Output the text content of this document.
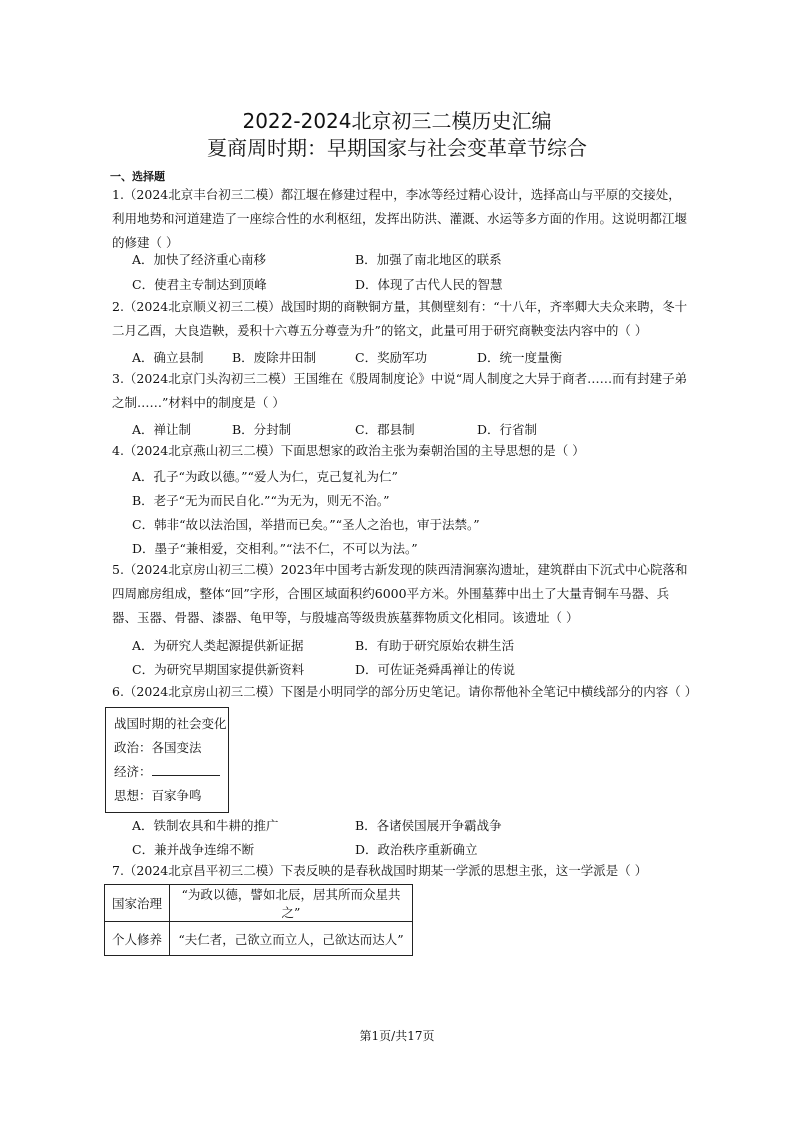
2022-2024北京初三二模历史汇编
夏商周时期：早期国家与社会变革章节综合
一、选择题
1.（2024北京丰台初三二模）都江堰在修建过程中，李冰等经过精心设计，选择高山与平原的交接处，利用地势和河道建造了一座综合性的水利枢纽，发挥出防洪、灌溉、水运等多方面的作用。这说明都江堰的修建（ ）
A．加快了经济重心南移	B．加强了南北地区的联系
C．使君主专制达到顶峰	D．体现了古代人民的智慧
2.（2024北京顺义初三二模）战国时期的商鞅铜方量，其侧壁刻有：“十八年，齐率卿大夫众来聘，冬十二月乙酉，大良造鞅，爰积十六尊五分尊壹为升”的铭文，此量可用于研究商鞅变法内容中的（ ）
A．确立县制 B．废除井田制	C．奖励军功	D．统一度量衡
3.（2024北京门头沟初三二模）王国维在《殷周制度论》中说“周人制度之大异于商者……而有封建子弟之制……”材料中的制度是（ ）
A．禅让制	B．分封制	C．郡县制	D．行省制
4.（2024北京燕山初三二模）下面思想家的政治主张为秦朝治国的主导思想的是（ ）
A．孔子“为政以德。”“爱人为仁，克己复礼为仁”
B．老子“无为而民自化.”“为无为，则无不治。”
C．韩非“故以法治国，举措而已矣。”“圣人之治也，审于法禁。”
D．墨子“兼相爱，交相利。”“法不仁，不可以为法。”
5.（2024北京房山初三二模）2023年中国考古新发现的陕西清涧寨沟遗址，建筑群由下沉式中心院落和四周廊房组成，整体“回”字形，合围区域面积约6000平方米。外围墓葬中出土了大量青铜车马器、兵器、玉器、骨器、漆器、龟甲等，与殷墟高等级贵族墓葬物质文化相同。该遗址（ ）
A．为研究人类起源提供新证据	B．有助于研究原始农耕生活
C．为研究早期国家提供新资料	D．可佐证尧舜禹禅让的传说
6.（2024北京房山初三二模）下图是小明同学的部分历史笔记。请你帮他补全笔记中横线部分的内容（ ）
战国时期的社会变化
政治：各国变法
经济：
思想：百家争鸣
A．铁制农具和牛耕的推广	B．各诸侯国展开争霸战争
C．兼并战争连绵不断	D．政治秩序重新确立
7.（2024北京昌平初三二模）下表反映的是春秋战国时期某一学派的思想主张，这一学派是（ ）
国家治理	“为政以德，譬如北辰，居其所而众星共之”
个人修养	“夫仁者，己欲立而立人，己欲达而达人”
第1页/共17页
